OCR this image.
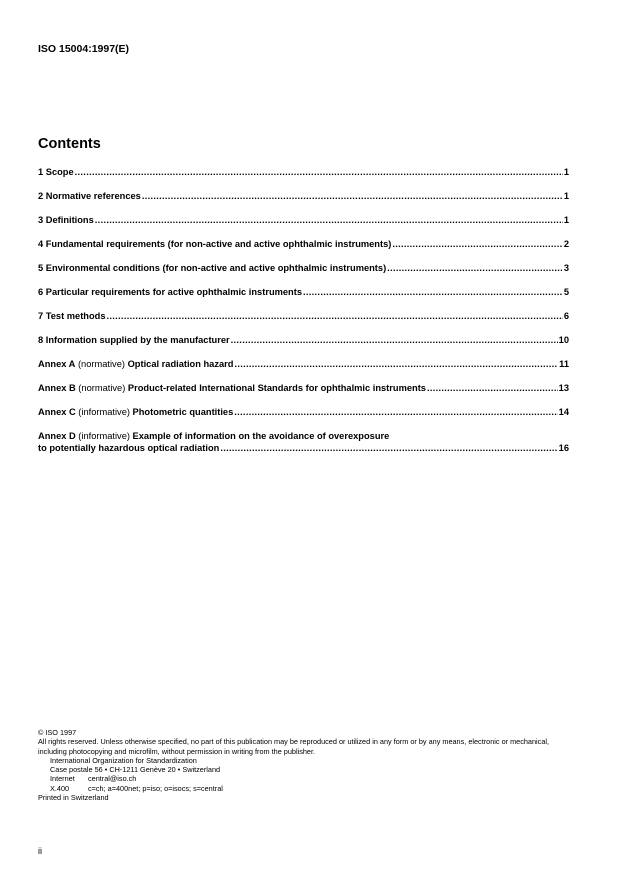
ISO 15004:1997(E)
Contents
1 Scope .....	1
2 Normative references .....	1
3 Definitions .....	1
4 Fundamental requirements (for non-active and active ophthalmic instruments) .....	2
5 Environmental conditions (for non-active and active ophthalmic instruments) .....	3
6 Particular requirements for active ophthalmic instruments .....	5
7 Test methods .....	6
8 Information supplied by the manufacturer .....	10
Annex A (normative) Optical radiation hazard .....	11
Annex B (normative) Product-related International Standards for ophthalmic instruments .....	13
Annex C (informative) Photometric quantities .....	14
Annex D (informative) Example of information on the avoidance of overexposure
to potentially hazardous optical radiation .....	16
© ISO 1997
All rights reserved. Unless otherwise specified, no part of this publication may be reproduced or utilized in any form or by any means, electronic or mechanical, including photocopying and microfilm, without permission in writing from the publisher.
International Organization for Standardization
Case postale 56 • CH-1211 Genève 20 • Switzerland
Internet central@iso.ch
X.400	c=ch; a=400net; p=iso; o=isocs; s=central
Printed in Switzerland
ii
